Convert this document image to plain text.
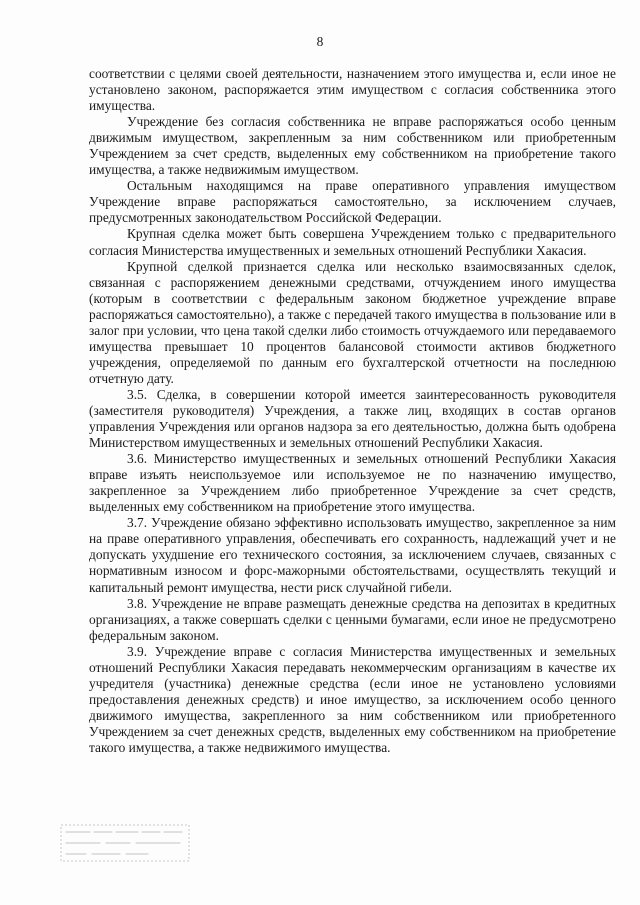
8

соответствии с целями своей деятельности, назначением этого имущества и, если иное не установлено законом, распоряжается этим имуществом с согласия собственника этого имущества.

Учреждение без согласия собственника не вправе распоряжаться особо ценным движимым имуществом, закрепленным за ним собственником или приобретенным Учреждением за счет средств, выделенных ему собственником на приобретение такого имущества, а также недвижимым имуществом.

Остальным находящимся на праве оперативного управления имуществом Учреждение вправе распоряжаться самостоятельно, за исключением случаев, предусмотренных законодательством Российской Федерации.

Крупная сделка может быть совершена Учреждением только с предварительного согласия Министерства имущественных и земельных отношений Республики Хакасия.

Крупной сделкой признается сделка или несколько взаимосвязанных сделок, связанная с распоряжением денежными средствами, отчуждением иного имущества (которым в соответствии с федеральным законом бюджетное учреждение вправе распоряжаться самостоятельно), а также с передачей такого имущества в пользование или в залог при условии, что цена такой сделки либо стоимость отчуждаемого или передаваемого имущества превышает 10 процентов балансовой стоимости активов бюджетного учреждения, определяемой по данным его бухгалтерской отчетности на последнюю отчетную дату.

3.5. Сделка, в совершении которой имеется заинтересованность руководителя (заместителя руководителя) Учреждения, а также лиц, входящих в состав органов управления Учреждения или органов надзора за его деятельностью, должна быть одобрена Министерством имущественных и земельных отношений Республики Хакасия.

3.6. Министерство имущественных и земельных отношений Республики Хакасия вправе изъять неиспользуемое или используемое не по назначению имущество, закрепленное за Учреждением либо приобретенное Учреждение за счет средств, выделенных ему собственником на приобретение этого имущества.

3.7. Учреждение обязано эффективно использовать имущество, закрепленное за ним на праве оперативного управления, обеспечивать его сохранность, надлежащий учет и не допускать ухудшение его технического состояния, за исключением случаев, связанных с нормативным износом и форс-мажорными обстоятельствами, осуществлять текущий и капитальный ремонт имущества, нести риск случайной гибели.

3.8. Учреждение не вправе размещать денежные средства на депозитах в кредитных организациях, а также совершать сделки с ценными бумагами, если иное не предусмотрено федеральным законом.

3.9. Учреждение вправе с согласия Министерства имущественных и земельных отношений Республики Хакасия передавать некоммерческим организациям в качестве их учредителя (участника) денежные средства (если иное не установлено условиями предоставления денежных средств) и иное имущество, за исключением особо ценного движимого имущества, закрепленного за ним собственником или приобретенного Учреждением за счет денежных средств, выделенных ему собственником на приобретение такого имущества, а также недвижимого имущества.
